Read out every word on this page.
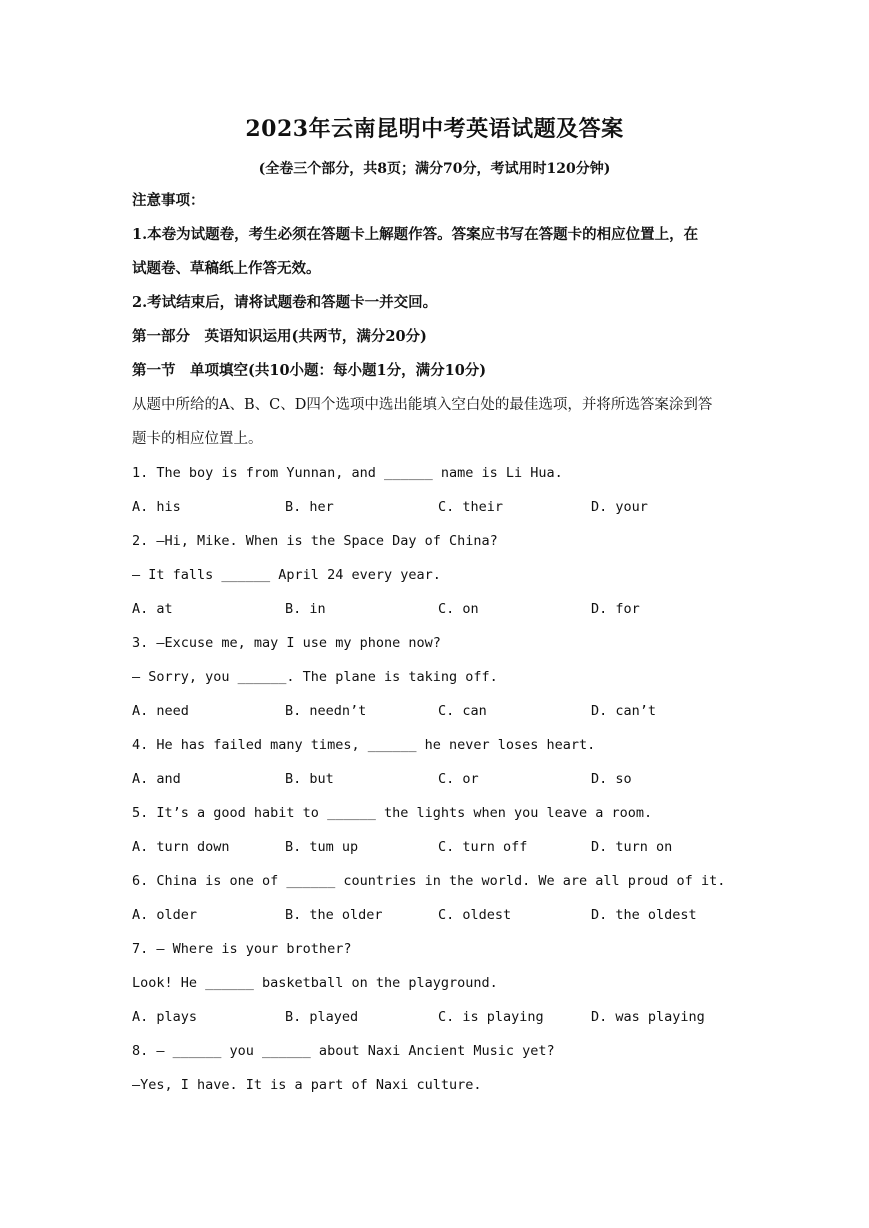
2023年云南昆明中考英语试题及答案
(全卷三个部分，共8页；满分70分，考试用时120分钟)
注意事项：
1.本卷为试题卷，考生必须在答题卡上解题作答。答案应书写在答题卡的相应位置上，在
试题卷、草稿纸上作答无效。
2.考试结束后，请将试题卷和答题卡一并交回。
第一部分　英语知识运用(共两节，满分20分)
第一节　单项填空(共10小题：每小题1分，满分10分)
从题中所给的A、B、C、D四个选项中选出能填入空白处的最佳选项，并将所选答案涂到答
题卡的相应位置上。
1. The boy is from Yunnan, and ______ name is Li Hua.
A. his	B. her	C. their	D. your
2. —Hi, Mike. When is the Space Day of China?
— It falls ______ April 24 every year.
A. at	B. in	C. on	D. for
3. —Excuse me, may I use my phone now?
— Sorry, you ______. The plane is taking off.
A. need	B. needn’t	C. can	D. can’t
4. He has failed many times, ______ he never loses heart.
A. and	B. but	C. or	D. so
5. It’s a good habit to ______ the lights when you leave a room.
A. turn down	B. tum up	C. turn off	D. turn on
6. China is one of ______ countries in the world. We are all proud of it.
A. older	B. the older	C. oldest	D. the oldest
7. — Where is your brother?
Look! He ______ basketball on the playground.
A. plays	B. played	C. is playing	D. was playing
8. — ______ you ______ about Naxi Ancient Music yet?
—Yes, I have. It is a part of Naxi culture.
